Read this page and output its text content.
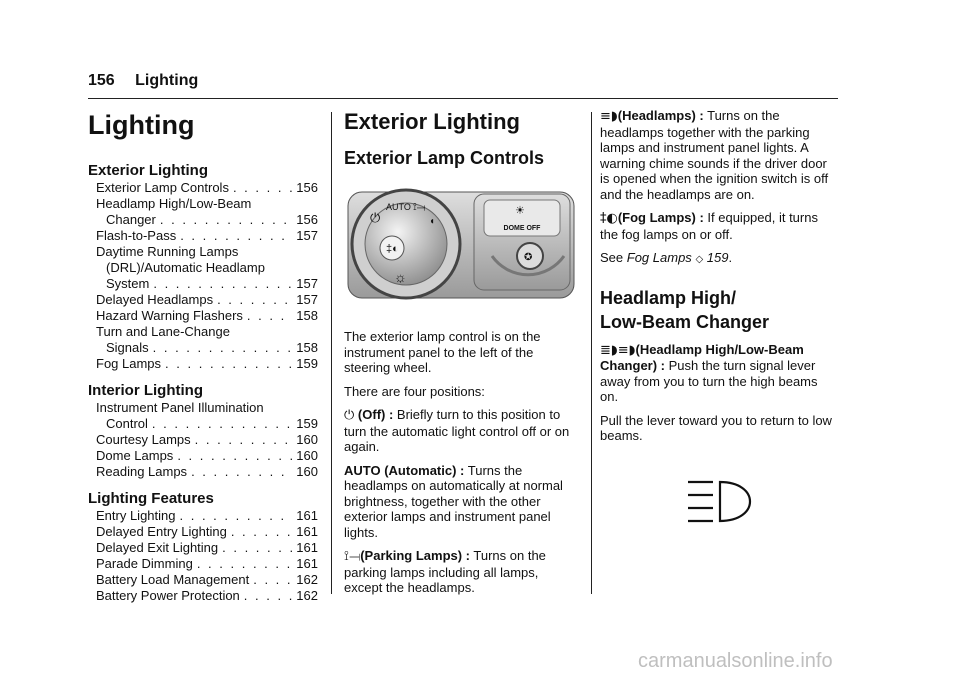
156 Lighting
Lighting
Exterior Lighting
Exterior Lamp Controls . . .	156
Headlamp High/Low-Beam
Changer . . .	156
Flash-to-Pass . . .	157
Daytime Running Lamps
(DRL)/Automatic Headlamp
System . . .	157
Delayed Headlamps . . .	157
Hazard Warning Flashers . . .	158
Turn and Lane-Change
Signals . . .	158
Fog Lamps . . .	159
Interior Lighting
Instrument Panel Illumination
Control . . .	159
Courtesy Lamps . . .	160
Dome Lamps . . .	160
Reading Lamps . . .	160
Lighting Features
Entry Lighting . . .	161
Delayed Entry Lighting . . .	161
Delayed Exit Lighting . . .	161
Parade Dimming . . .	161
Battery Load Management . . .	162
Battery Power Protection . . .	162
Exterior Lighting
Exterior Lamp Controls
AUTO
⏻
⟟⟞
◖
‡◐
☼
☀
DOME OFF
✪

The exterior lamp control is on the instrument panel to the left of the steering wheel.

There are four positions:

⏻ (Off) : Briefly turn to this position to turn the automatic light control off or on again.

AUTO (Automatic) : Turns the headlamps on automatically at normal brightness, together with the other exterior lamps and instrument panel lights.

⟟⟞(Parking Lamps) : Turns on the parking lamps including all lamps, except the headlamps.

≡◗(Headlamps) : Turns on the headlamps together with the parking lamps and instrument panel lights. A warning chime sounds if the driver door is opened when the ignition switch is off and the headlamps are on.

‡◐(Fog Lamps) : If equipped, it turns the fog lamps on or off.

See Fog Lamps ◇ 159.

Headlamp High/
Low-Beam Changer

≣◗≡◗(Headlamp High/Low-Beam Changer) : Push the turn signal lever away from you to turn the high beams on.

Pull the lever toward you to return to low beams.

carmanualsonline.info
